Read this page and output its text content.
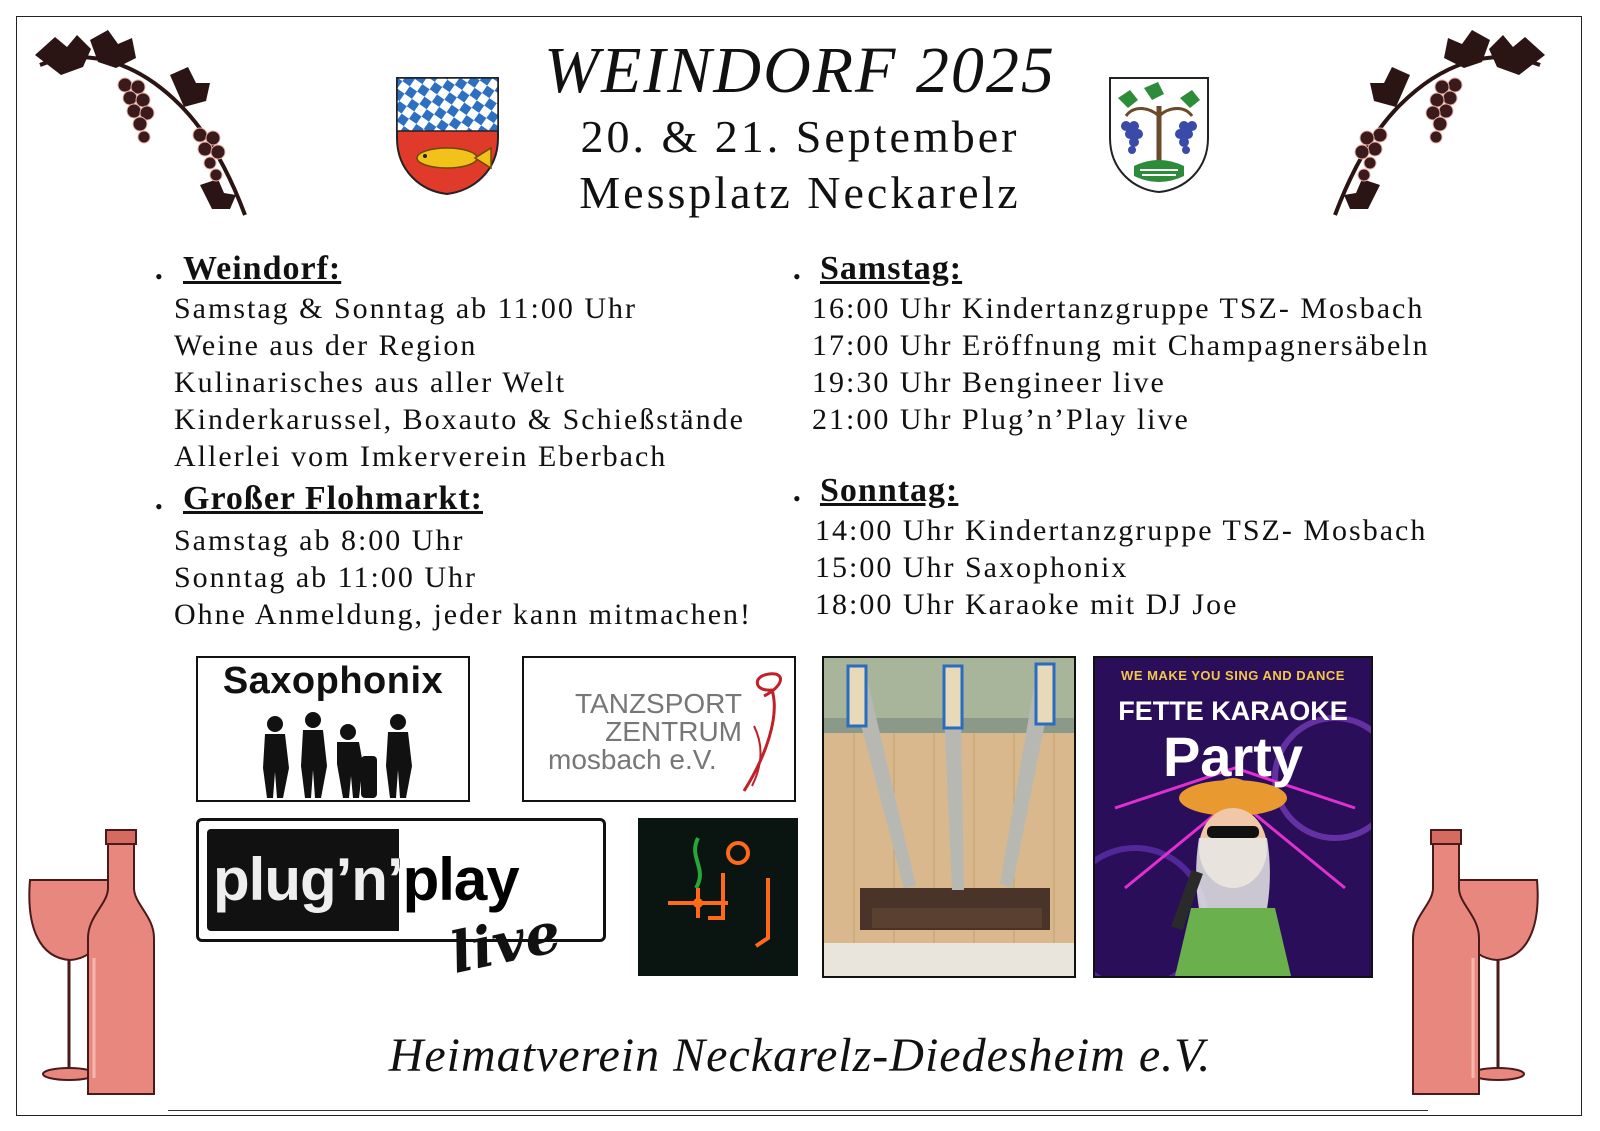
WEINDORF 2025
20. & 21. September
Messplatz Neckarelz
• Weindorf:
Samstag & Sonntag ab 11:00 Uhr
Weine aus der Region
Kulinarisches aus aller Welt
Kinderkarussel, Boxauto & Schießstände
Allerlei vom Imkerverein Eberbach
• Großer Flohmarkt:
Samstag ab 8:00 Uhr
Sonntag ab 11:00 Uhr
Ohne Anmeldung, jeder kann mitmachen!
• Samstag:
16:00 Uhr Kindertanzgruppe TSZ- Mosbach
17:00 Uhr Eröffnung mit Champagnersäbeln
19:30 Uhr Bengineer live
21:00 Uhr Plug’n’Play live
• Sonntag:
14:00 Uhr Kindertanzgruppe TSZ- Mosbach
15:00 Uhr Saxophonix
18:00 Uhr Karaoke mit DJ Joe
Saxophonix
TANZSPORT
ZENTRUM
mosbach e.V.
plug’n’play
live
WE MAKE YOU SING AND DANCE
FETTE KARAOKE
Party
Heimatverein Neckarelz-Diedesheim e.V.
